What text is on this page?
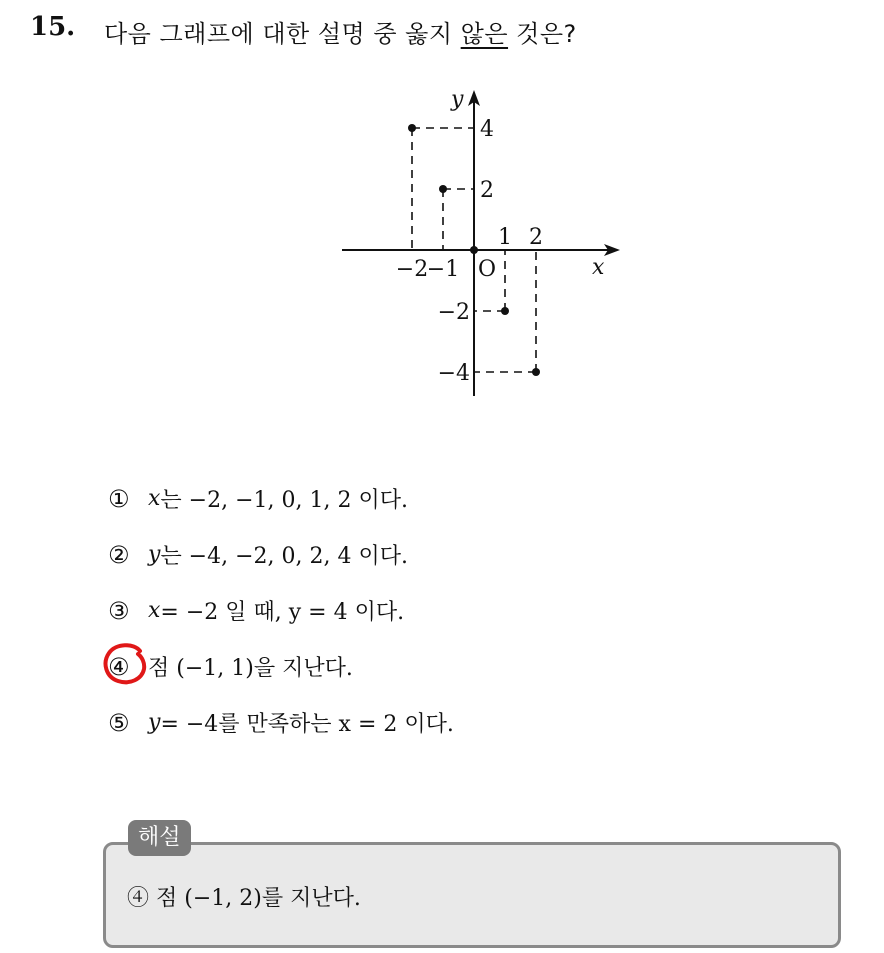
15. 다음 그래프에 대한 설명 중 옳지 않은 것은?
−2
−1
1 2
4
2
−2
−4
x
y
O
① x 는 −2, −1, 0, 1, 2 이다.
② y 는 −4, −2, 0, 2, 4 이다.
③ x = −2 일 때, y = 4 이다.
④ 점 (−1, 1)을 지난다.
⑤ y = −4를 만족하는 x = 2 이다.
해설
④ 점 (−1, 2)를 지난다.
